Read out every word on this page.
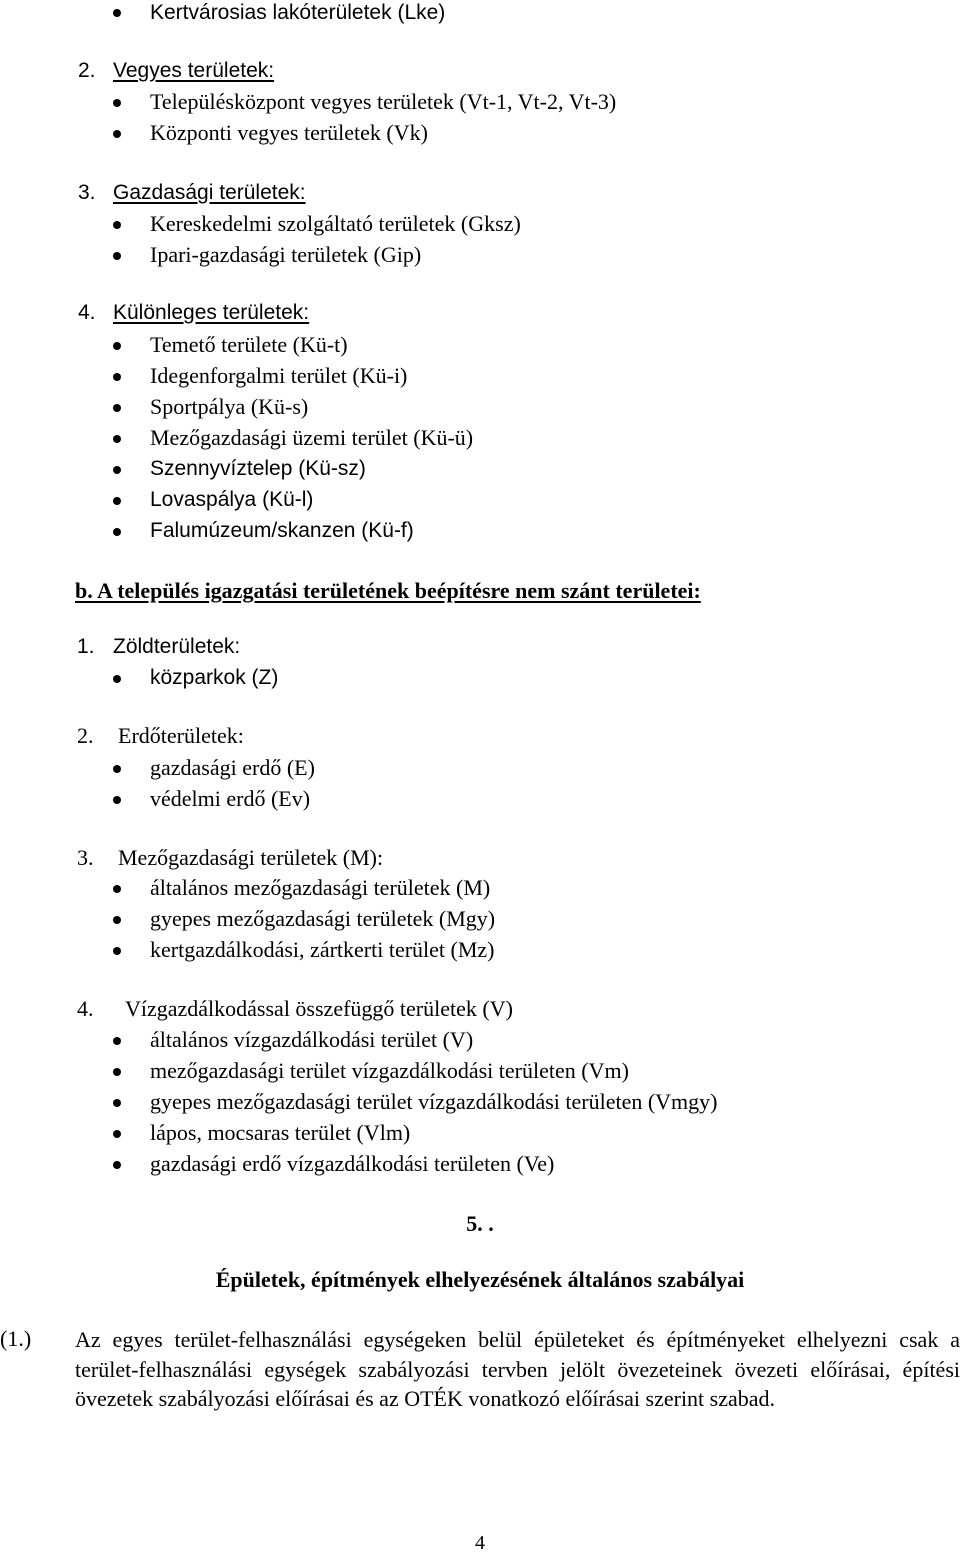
Kertvárosias lakóterületek (Lke)
2. Vegyes területek:
Településközpont vegyes területek (Vt-1, Vt-2, Vt-3)
Központi vegyes területek (Vk)
3. Gazdasági területek:
Kereskedelmi szolgáltató területek (Gksz)
Ipari-gazdasági területek (Gip)
4. Különleges területek:
Temető területe (Kü-t)
Idegenforgalmi terület (Kü-i)
Sportpálya (Kü-s)
Mezőgazdasági üzemi terület (Kü-ü)
Szennyvíztelep (Kü-sz)
Lovaspálya (Kü-l)
Falumúzeum/skanzen (Kü-f)
b. A település igazgatási területének beépítésre nem szánt területei:
1. Zöldterületek:
közparkok (Z)
2. Erdőterületek:
gazdasági erdő (E)
védelmi erdő (Ev)
3. Mezőgazdasági területek (M):
általános mezőgazdasági területek (M)
gyepes mezőgazdasági területek (Mgy)
kertgazdálkodási, zártkerti terület (Mz)
4. Vízgazdálkodással összefüggő területek (V)
általános vízgazdálkodási terület (V)
mezőgazdasági terület vízgazdálkodási területen (Vm)
gyepes mezőgazdasági terület vízgazdálkodási területen (Vmgy)
lápos, mocsaras terület (Vlm)
gazdasági erdő vízgazdálkodási területen (Ve)
5. .
Épületek, építmények elhelyezésének általános szabályai
(1.) Az egyes terület-felhasználási egységeken belül épületeket és építményeket elhelyezni csak a terület-felhasználási egységek szabályozási tervben jelölt övezeteinek övezeti előírásai, építési övezetek szabályozási előírásai és az OTÉK vonatkozó előírásai szerint szabad.
4
